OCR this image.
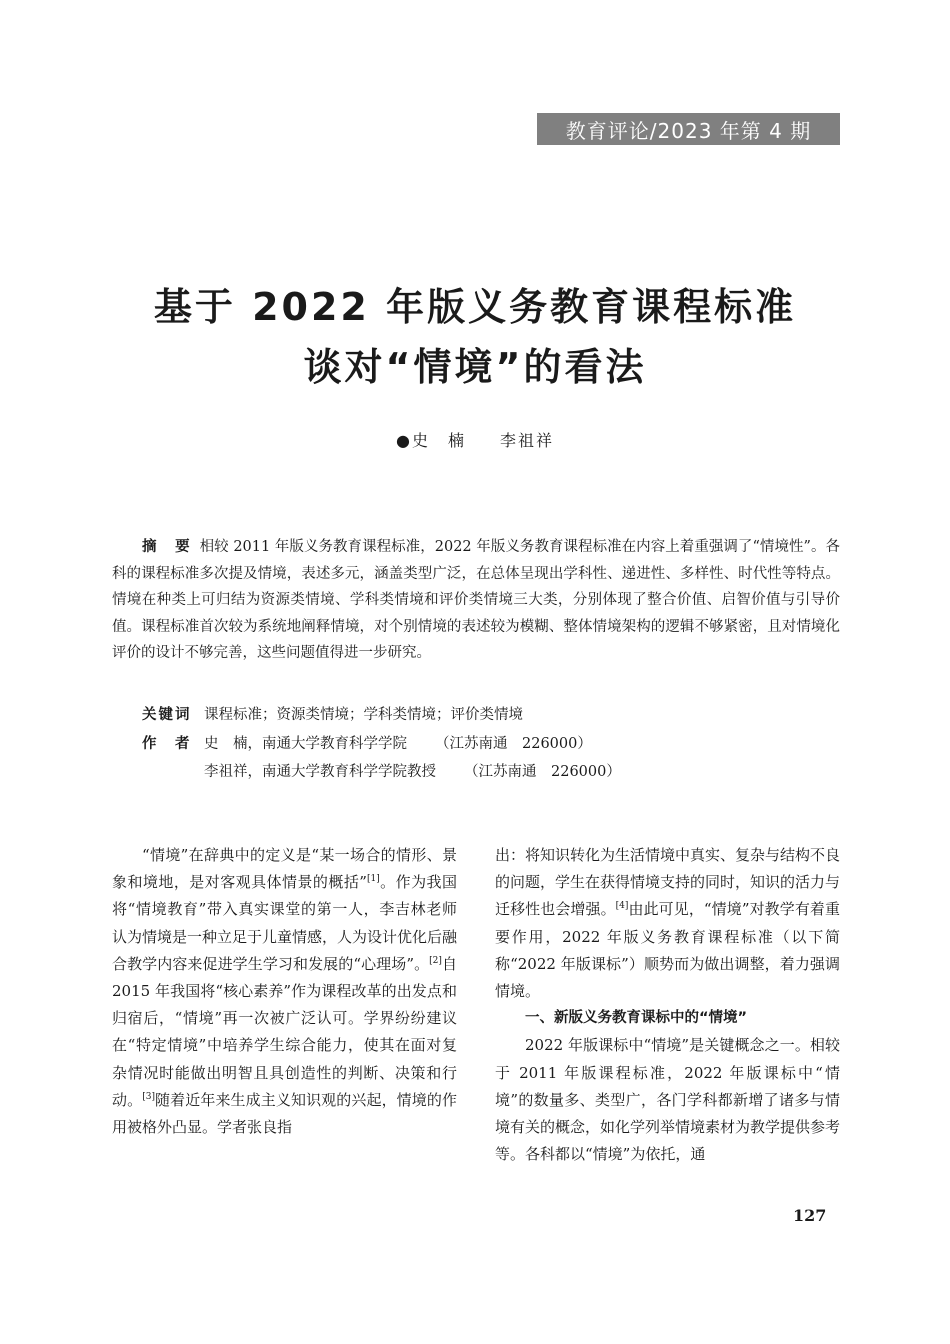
教育评论/2023 年第 4 期
基于 2022 年版义务教育课程标准
谈对“情境”的看法
●史　楠 李祖祥

摘　要 相较 2011 年版义务教育课程标准，2022 年版义务教育课程标准在内容上着重强调了“情境性”。各科的课程标准多次提及情境，表述多元，涵盖类型广泛，在总体呈现出学科性、递进性、多样性、时代性等特点。情境在种类上可归结为资源类情境、学科类情境和评价类情境三大类，分别体现了整合价值、启智价值与引导价值。课程标准首次较为系统地阐释情境，对个别情境的表述较为模糊、整体情境架构的逻辑不够紧密，且对情境化评价的设计不够完善，这些问题值得进一步研究。

关键词 课程标准；资源类情境；学科类情境；评价类情境
作　者 史　楠，南通大学教育科学学院 （江苏南通　226000）
李祖祥，南通大学教育科学学院教授 （江苏南通　226000）

“情境”在辞典中的定义是“某一场合的情形、景象和境地，是对客观具体情景的概括”[1]。作为我国将“情境教育”带入真实课堂的第一人，李吉林老师认为情境是一种立足于儿童情感，人为设计优化后融合教学内容来促进学生学习和发展的“心理场”。[2]自 2015 年我国将“核心素养”作为课程改革的出发点和归宿后，“情境”再一次被广泛认可。学界纷纷建议在“特定情境”中培养学生综合能力，使其在面对复杂情况时能做出明智且具创造性的判断、决策和行动。[3]随着近年来生成主义知识观的兴起，情境的作用被格外凸显。学者张良指

出：将知识转化为生活情境中真实、复杂与结构不良的问题，学生在获得情境支持的同时，知识的活力与迁移性也会增强。[4]由此可见，“情境”对教学有着重要作用，2022 年版义务教育课程标准（以下简称“2022 年版课标”）顺势而为做出调整，着力强调情境。

一、新版义务教育课标中的“情境”

2022 年版课标中“情境”是关键概念之一。相较于 2011 年版课程标准，2022 年版课标中“情境”的数量多、类型广，各门学科都新增了诸多与情境有关的概念，如化学列举情境素材为教学提供参考等。各科都以“情境”为依托，通

127
